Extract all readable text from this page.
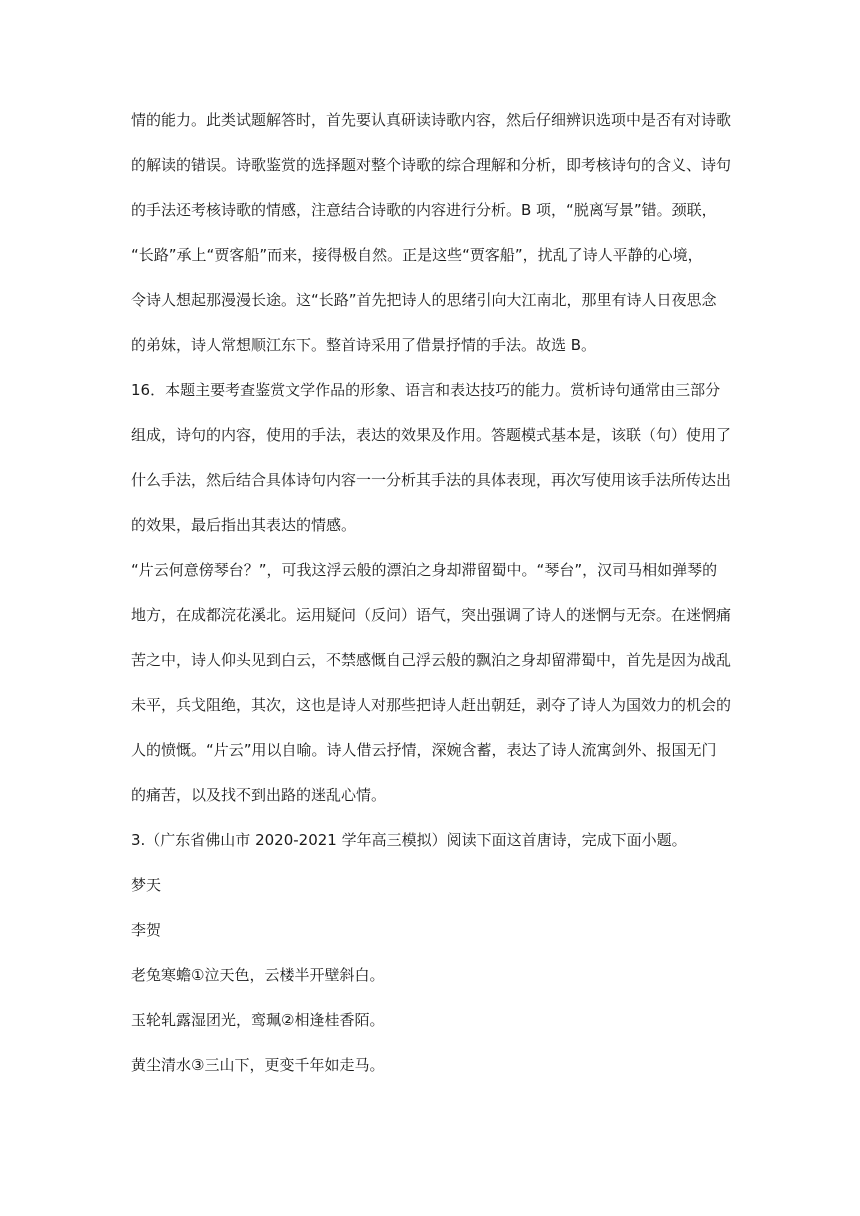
情的能力。此类试题解答时，首先要认真研读诗歌内容，然后仔细辨识选项中是否有对诗歌
的解读的错误。诗歌鉴赏的选择题对整个诗歌的综合理解和分析，即考核诗句的含义、诗句
的手法还考核诗歌的情感，注意结合诗歌的内容进行分析。B 项，“脱离写景”错。颈联，
“长路”承上“贾客船”而来，接得极自然。正是这些“贾客船”，扰乱了诗人平静的心境，
令诗人想起那漫漫长途。这“长路”首先把诗人的思绪引向大江南北，那里有诗人日夜思念
的弟妹，诗人常想顺江东下。整首诗采用了借景抒情的手法。故选 B。
16．本题主要考查鉴赏文学作品的形象、语言和表达技巧的能力。赏析诗句通常由三部分
组成，诗句的内容，使用的手法，表达的效果及作用。答题模式基本是，该联（句）使用了
什么手法，然后结合具体诗句内容一一分析其手法的具体表现，再次写使用该手法所传达出
的效果，最后指出其表达的情感。
“片云何意傍琴台？”，可我这浮云般的漂泊之身却滞留蜀中。“琴台”，汉司马相如弹琴的
地方，在成都浣花溪北。运用疑问（反问）语气，突出强调了诗人的迷惘与无奈。在迷惘痛
苦之中，诗人仰头见到白云，不禁感慨自己浮云般的飘泊之身却留滞蜀中，首先是因为战乱
未平，兵戈阻绝，其次，这也是诗人对那些把诗人赶出朝廷，剥夺了诗人为国效力的机会的
人的愤慨。“片云”用以自喻。诗人借云抒情，深婉含蓄，表达了诗人流寓剑外、报国无门
的痛苦，以及找不到出路的迷乱心情。
3.（广东省佛山市 2020-2021 学年高三模拟）阅读下面这首唐诗，完成下面小题。
梦天
李贺
老兔寒蟾①泣天色，云楼半开壁斜白。
玉轮轧露湿团光，鸾珮②相逢桂香陌。
黄尘清水③三山下，更变千年如走马。
